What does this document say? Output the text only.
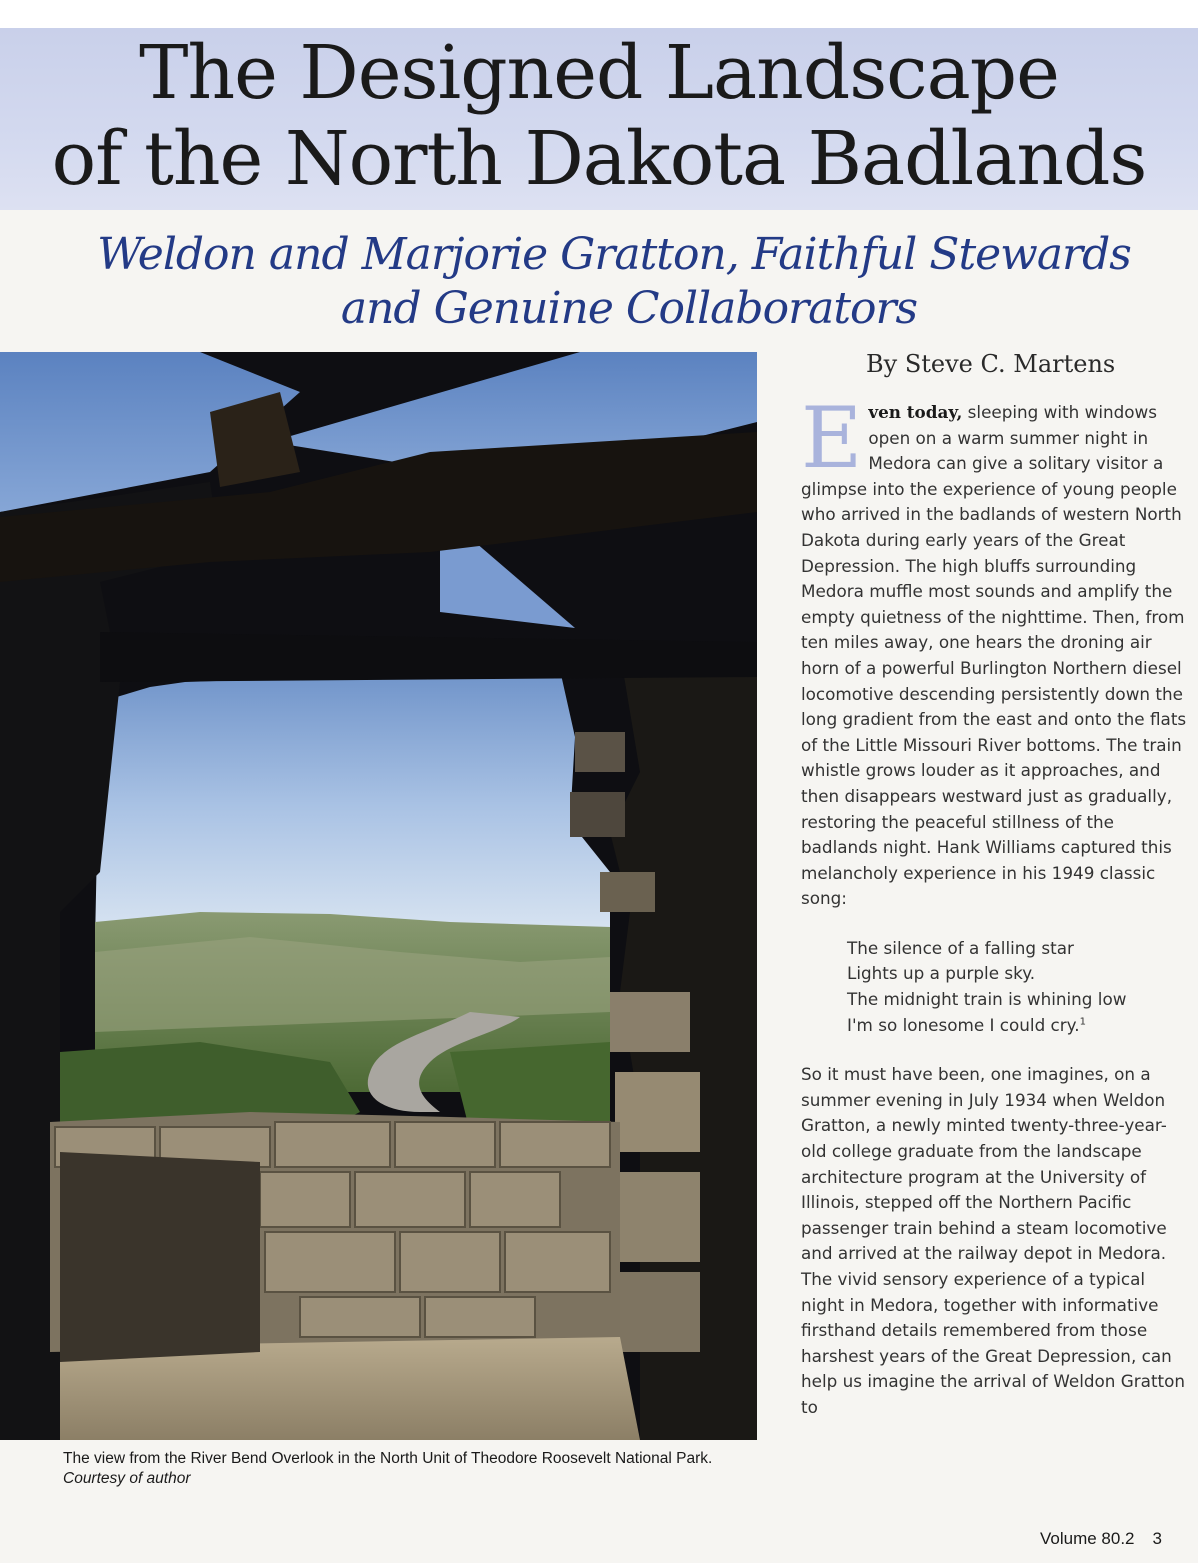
The Designed Landscape
of the North Dakota Badlands
Weldon and Marjorie Gratton, Faithful Stewards
and Genuine Collaborators
The view from the River Bend Overlook in the North Unit of Theodore Roosevelt National Park. Courtesy of author
By Steve C. Martens

Even today, sleeping with windows open on a warm summer night in Medora can give a solitary visitor a glimpse into the experience of young people who arrived in the badlands of western North Dakota during early years of the Great Depression. The high bluffs surrounding Medora muffle most sounds and amplify the empty quietness of the nighttime. Then, from ten miles away, one hears the droning air horn of a powerful Burlington Northern diesel locomotive descending persistently down the long gradient from the east and onto the flats of the Little Missouri River bottoms. The train whistle grows louder as it approaches, and then disappears westward just as gradually, restoring the peaceful stillness of the badlands night. Hank Williams captured this melancholy experience in his 1949 classic song:

The silence of a falling star
Lights up a purple sky.
The midnight train is whining low
I'm so lonesome I could cry.$^1$

So it must have been, one imagines, on a summer evening in July 1934 when Weldon Gratton, a newly minted twenty-three-year-old college graduate from the landscape architecture program at the University of Illinois, stepped off the Northern Pacific passenger train behind a steam locomotive and arrived at the railway depot in Medora. The vivid sensory experience of a typical night in Medora, together with informative firsthand details remembered from those harshest years of the Great Depression, can help us imagine the arrival of Weldon Gratton to

Volume 80.2 3
